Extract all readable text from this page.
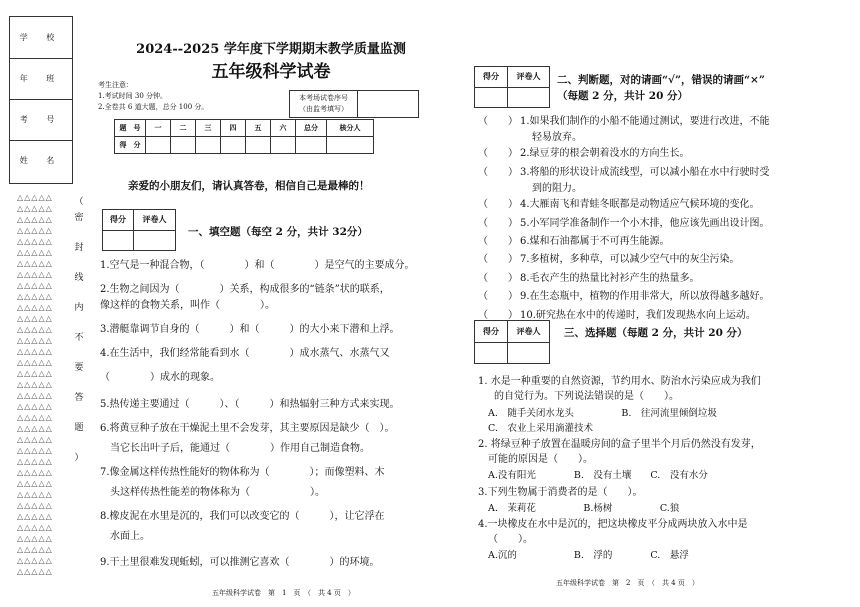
学 校
年 班
考 号
姓 名
△△△△△
△△△△△
△△△△△
△△△△△
△△△△△
△△△△△
△△△△△
△△△△△
△△△△△
△△△△△
△△△△△
△△△△△
△△△△△
△△△△△
△△△△△
△△△△△
△△△△△
△△△△△
△△△△△
△△△△△
△△△△△
△△△△△
△△△△△
△△△△△
△△△△△
△△△△△
△△△△△
△△△△△
△△△△△
△△△△△
△△△△△
△△△△△
△△△△△
△△△△△
△△△△△
（
密
封
线
内
不
要
答
题
）
2024--2025 学年度下学期期末教学质量监测
五年级科学试卷
考生注意：
1.考试时间 30 分钟。
2.全卷共 6 道大题，总分 100 分。
本考场试卷序号
（由监考填写）
题　号	一	二	三	四	五	六	总分	核分人
得　分								
亲爱的小朋友们，请认真答卷，相信自己是最棒的！
得分	评卷人
一、填空题（每空 2 分，共计 32分）
1.空气是一种混合物，（　　　　）和（　　　　）是空气的主要成分。
2.生物之间因为（　　　　）关系，构成很多的“链条”状的联系，
像这样的食物关系，叫作（　　　　）。
3.潜艇靠调节自身的（　　　）和（　　　）的大小来下潜和上浮。
4.在生活中，我们经常能看到水（　　　　）成水蒸气、水蒸气又
（　　　　）成水的现象。
5.热传递主要通过（　　　）、（　　　）和热辐射三种方式来实现。
6.将黄豆种子放在干燥泥土里不会发芽，其主要原因是缺少（　）。
当它长出叶子后，能通过（　　　　）作用自己制造食物。
7.像金属这样传热性能好的物体称为（　　　　）；而像塑料、木
头这样传热性能差的物体称为（　　　　　　）。
8.橡皮泥在水里是沉的，我们可以改变它的（　　　），让它浮在
水面上。
9.干土里很难发现蚯蚓，可以推测它喜欢（　　　　）的环境。
五年级科学试卷　第　1　页　（　共 4 页　）
得分	评卷人	二、判断题，对的请画“√”，错误的请画“×”
（每题 2 分，共计 20 分）
（　　） 1.如果我们制作的小船不能通过测试，要进行改进，不能
轻易放弃。
（　　） 2.绿豆芽的根会朝着没水的方向生长。
（　　） 3.将船的形状设计成流线型，可以减小船在水中行驶时受
到的阻力。
（　　） 4.大雁南飞和青蛙冬眠都是动物适应气候环境的变化。
（　　） 5.小军同学准备制作一个小木排，他应该先画出设计图。
（　　） 6.煤和石油都属于不可再生能源。
（　　） 7.多植树，多种草，可以减少空气中的灰尘污染。
（　　） 8.毛衣产生的热量比衬衫产生的热量多。
（　　） 9.在生态瓶中，植物的作用非常大，所以放得越多越好。
（　　） 10.研究热在水中的传递时，我们发现热水向上运动。
得分	评卷人	三、选择题（每题 2 分，共计 20 分）
1. 水是一种重要的自然资源，节约用水、防治水污染应成为我们
的自觉行为。下列说法错误的是（　　）。
A.　随手关闭水龙头　　　　　B.　往河流里倾倒垃圾
C.　农业上采用滴灌技术
2. 将绿豆种子放置在温暖房间的盒子里半个月后仍然没有发芽，
可能的原因是（　　）。
A.没有阳光　　　　B.　没有土壤　　C.　没有水分
3.下列生物属于消费者的是（　　）。
A.　茉莉花　　　　　B.杨树　　　　　C.狼
4.一块橡皮在水中是沉的，把这块橡皮平分成两块放入水中是
（　　）。
A.沉的　　　　　　B.　浮的　　　　C.　悬浮
五年级科学试卷　第　2　页　（　共 4 页　）
